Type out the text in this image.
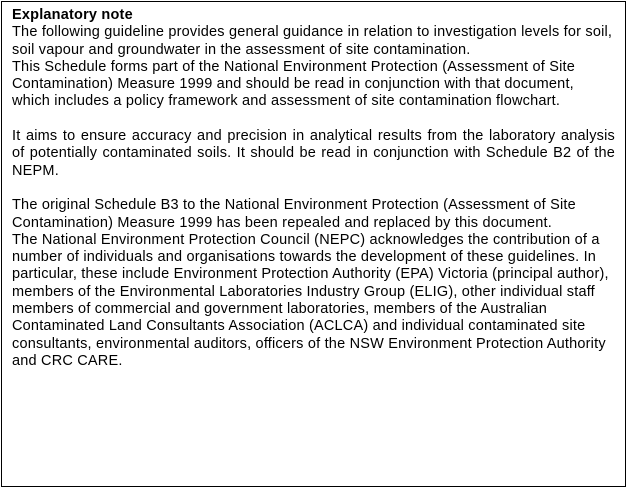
Explanatory note

The following guideline provides general guidance in relation to investigation levels for soil, soil vapour and groundwater in the assessment of site contamination.

This Schedule forms part of the National Environment Protection (Assessment of Site Contamination) Measure 1999 and should be read in conjunction with that document, which includes a policy framework and assessment of site contamination flowchart.

It aims to ensure accuracy and precision in analytical results from the laboratory analysis of potentially contaminated soils. It should be read in conjunction with Schedule B2 of the NEPM.

The original Schedule B3 to the National Environment Protection (Assessment of Site Contamination) Measure 1999 has been repealed and replaced by this document.

The National Environment Protection Council (NEPC) acknowledges the contribution of a number of individuals and organisations towards the development of these guidelines. In particular, these include Environment Protection Authority (EPA) Victoria (principal author), members of the Environmental Laboratories Industry Group (ELIG), other individual staff members of commercial and government laboratories, members of the Australian Contaminated Land Consultants Association (ACLCA) and individual contaminated site consultants, environmental auditors, officers of the NSW Environment Protection Authority and CRC CARE.
